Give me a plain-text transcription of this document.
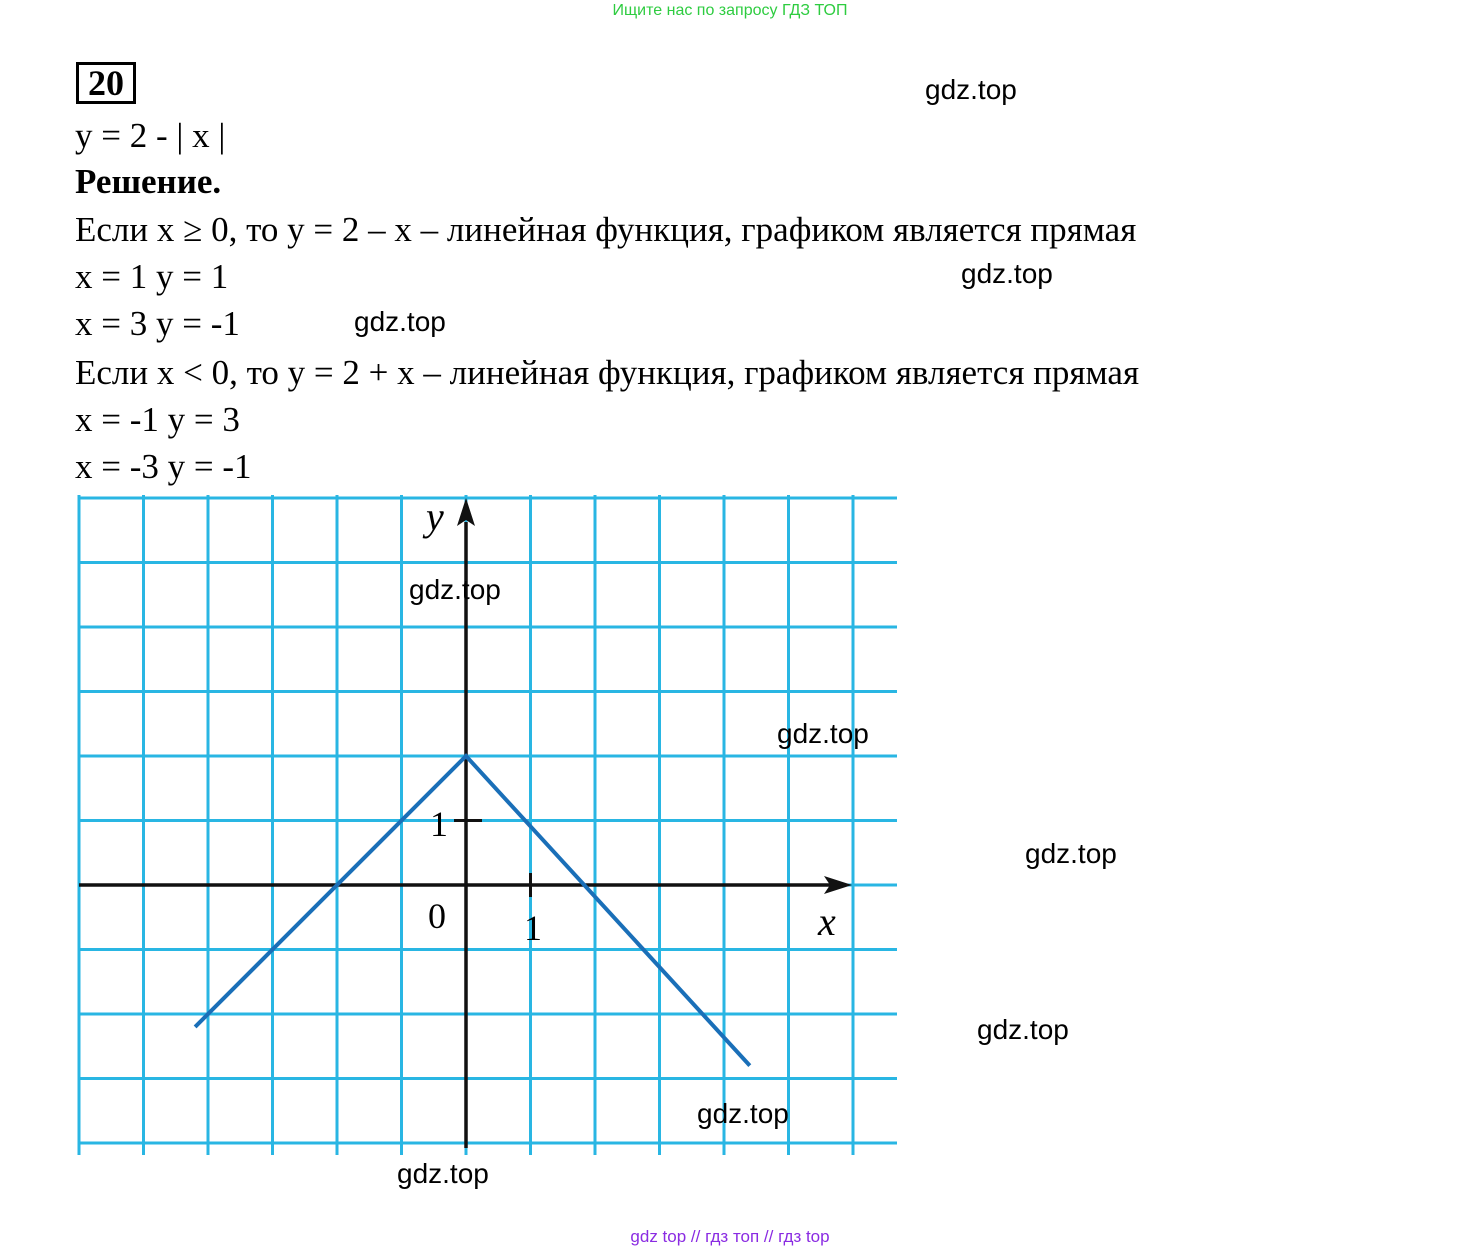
Ищите нас по запросу ГДЗ ТОП
20
y = 2 - | x |
Решение.
Если x ≥ 0, то y = 2 – x – линейная функция, графиком является прямая
x = 1 y = 1
x = 3 y = -1
Если x < 0, то y = 2 + x – линейная функция, графиком является прямая
x = -1 y = 3
x = -3 y = -1
y
x
0 1
1
gdz.top
gdz.top
gdz.top
gdz.top
gdz.top
gdz.top
gdz.top
gdz.top
gdz.top
gdz top // гдз топ // гдз top
